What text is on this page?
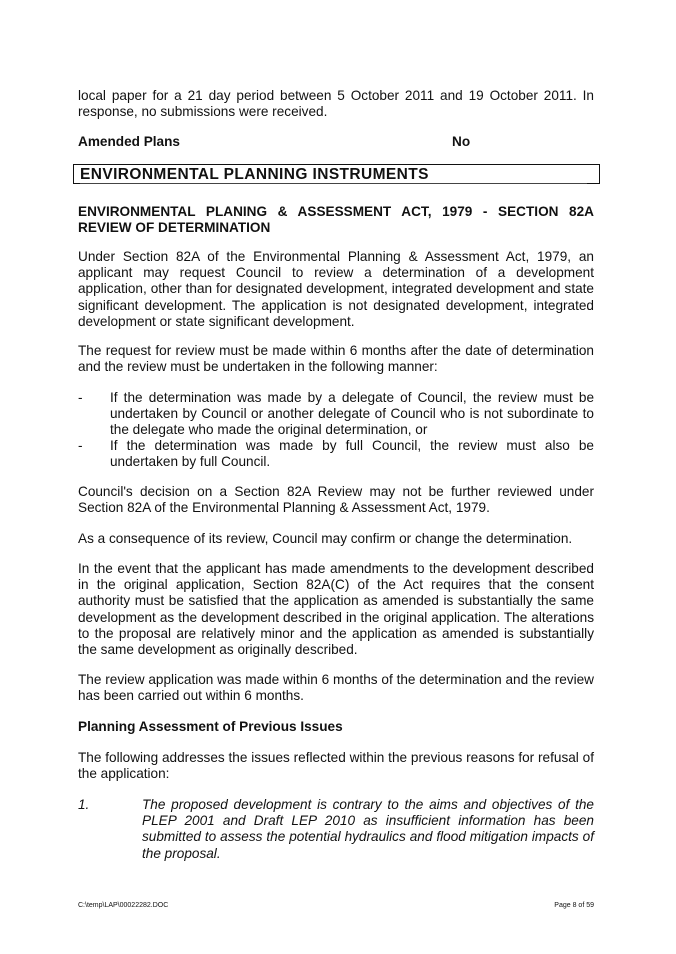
local paper for a 21 day period between 5 October 2011 and 19 October 2011. In response, no submissions were received.

Amended Plans	No
ENVIRONMENTAL PLANNING INSTRUMENTS
ENVIRONMENTAL PLANING & ASSESSMENT ACT, 1979 - SECTION 82A REVIEW OF DETERMINATION

Under Section 82A of the Environmental Planning & Assessment Act, 1979, an applicant may request Council to review a determination of a development application, other than for designated development, integrated development and state significant development. The application is not designated development, integrated development or state significant development.

The request for review must be made within 6 months after the date of determination and the review must be undertaken in the following manner:

-	If the determination was made by a delegate of Council, the review must be undertaken by Council or another delegate of Council who is not subordinate to the delegate who made the original determination, or
-	If the determination was made by full Council, the review must also be undertaken by full Council.

Council's decision on a Section 82A Review may not be further reviewed under Section 82A of the Environmental Planning & Assessment Act, 1979.

As a consequence of its review, Council may confirm or change the determination.

In the event that the applicant has made amendments to the development described in the original application, Section 82A(C) of the Act requires that the consent authority must be satisfied that the application as amended is substantially the same development as the development described in the original application. The alterations to the proposal are relatively minor and the application as amended is substantially the same development as originally described.

The review application was made within 6 months of the determination and the review has been carried out within 6 months.

Planning Assessment of Previous Issues

The following addresses the issues reflected within the previous reasons for refusal of the application:

1.	The proposed development is contrary to the aims and objectives of the PLEP 2001 and Draft LEP 2010 as insufficient information has been submitted to assess the potential hydraulics and flood mitigation impacts of the proposal.
C:\temp\LAP\00022282.DOC	Page 8 of 59
